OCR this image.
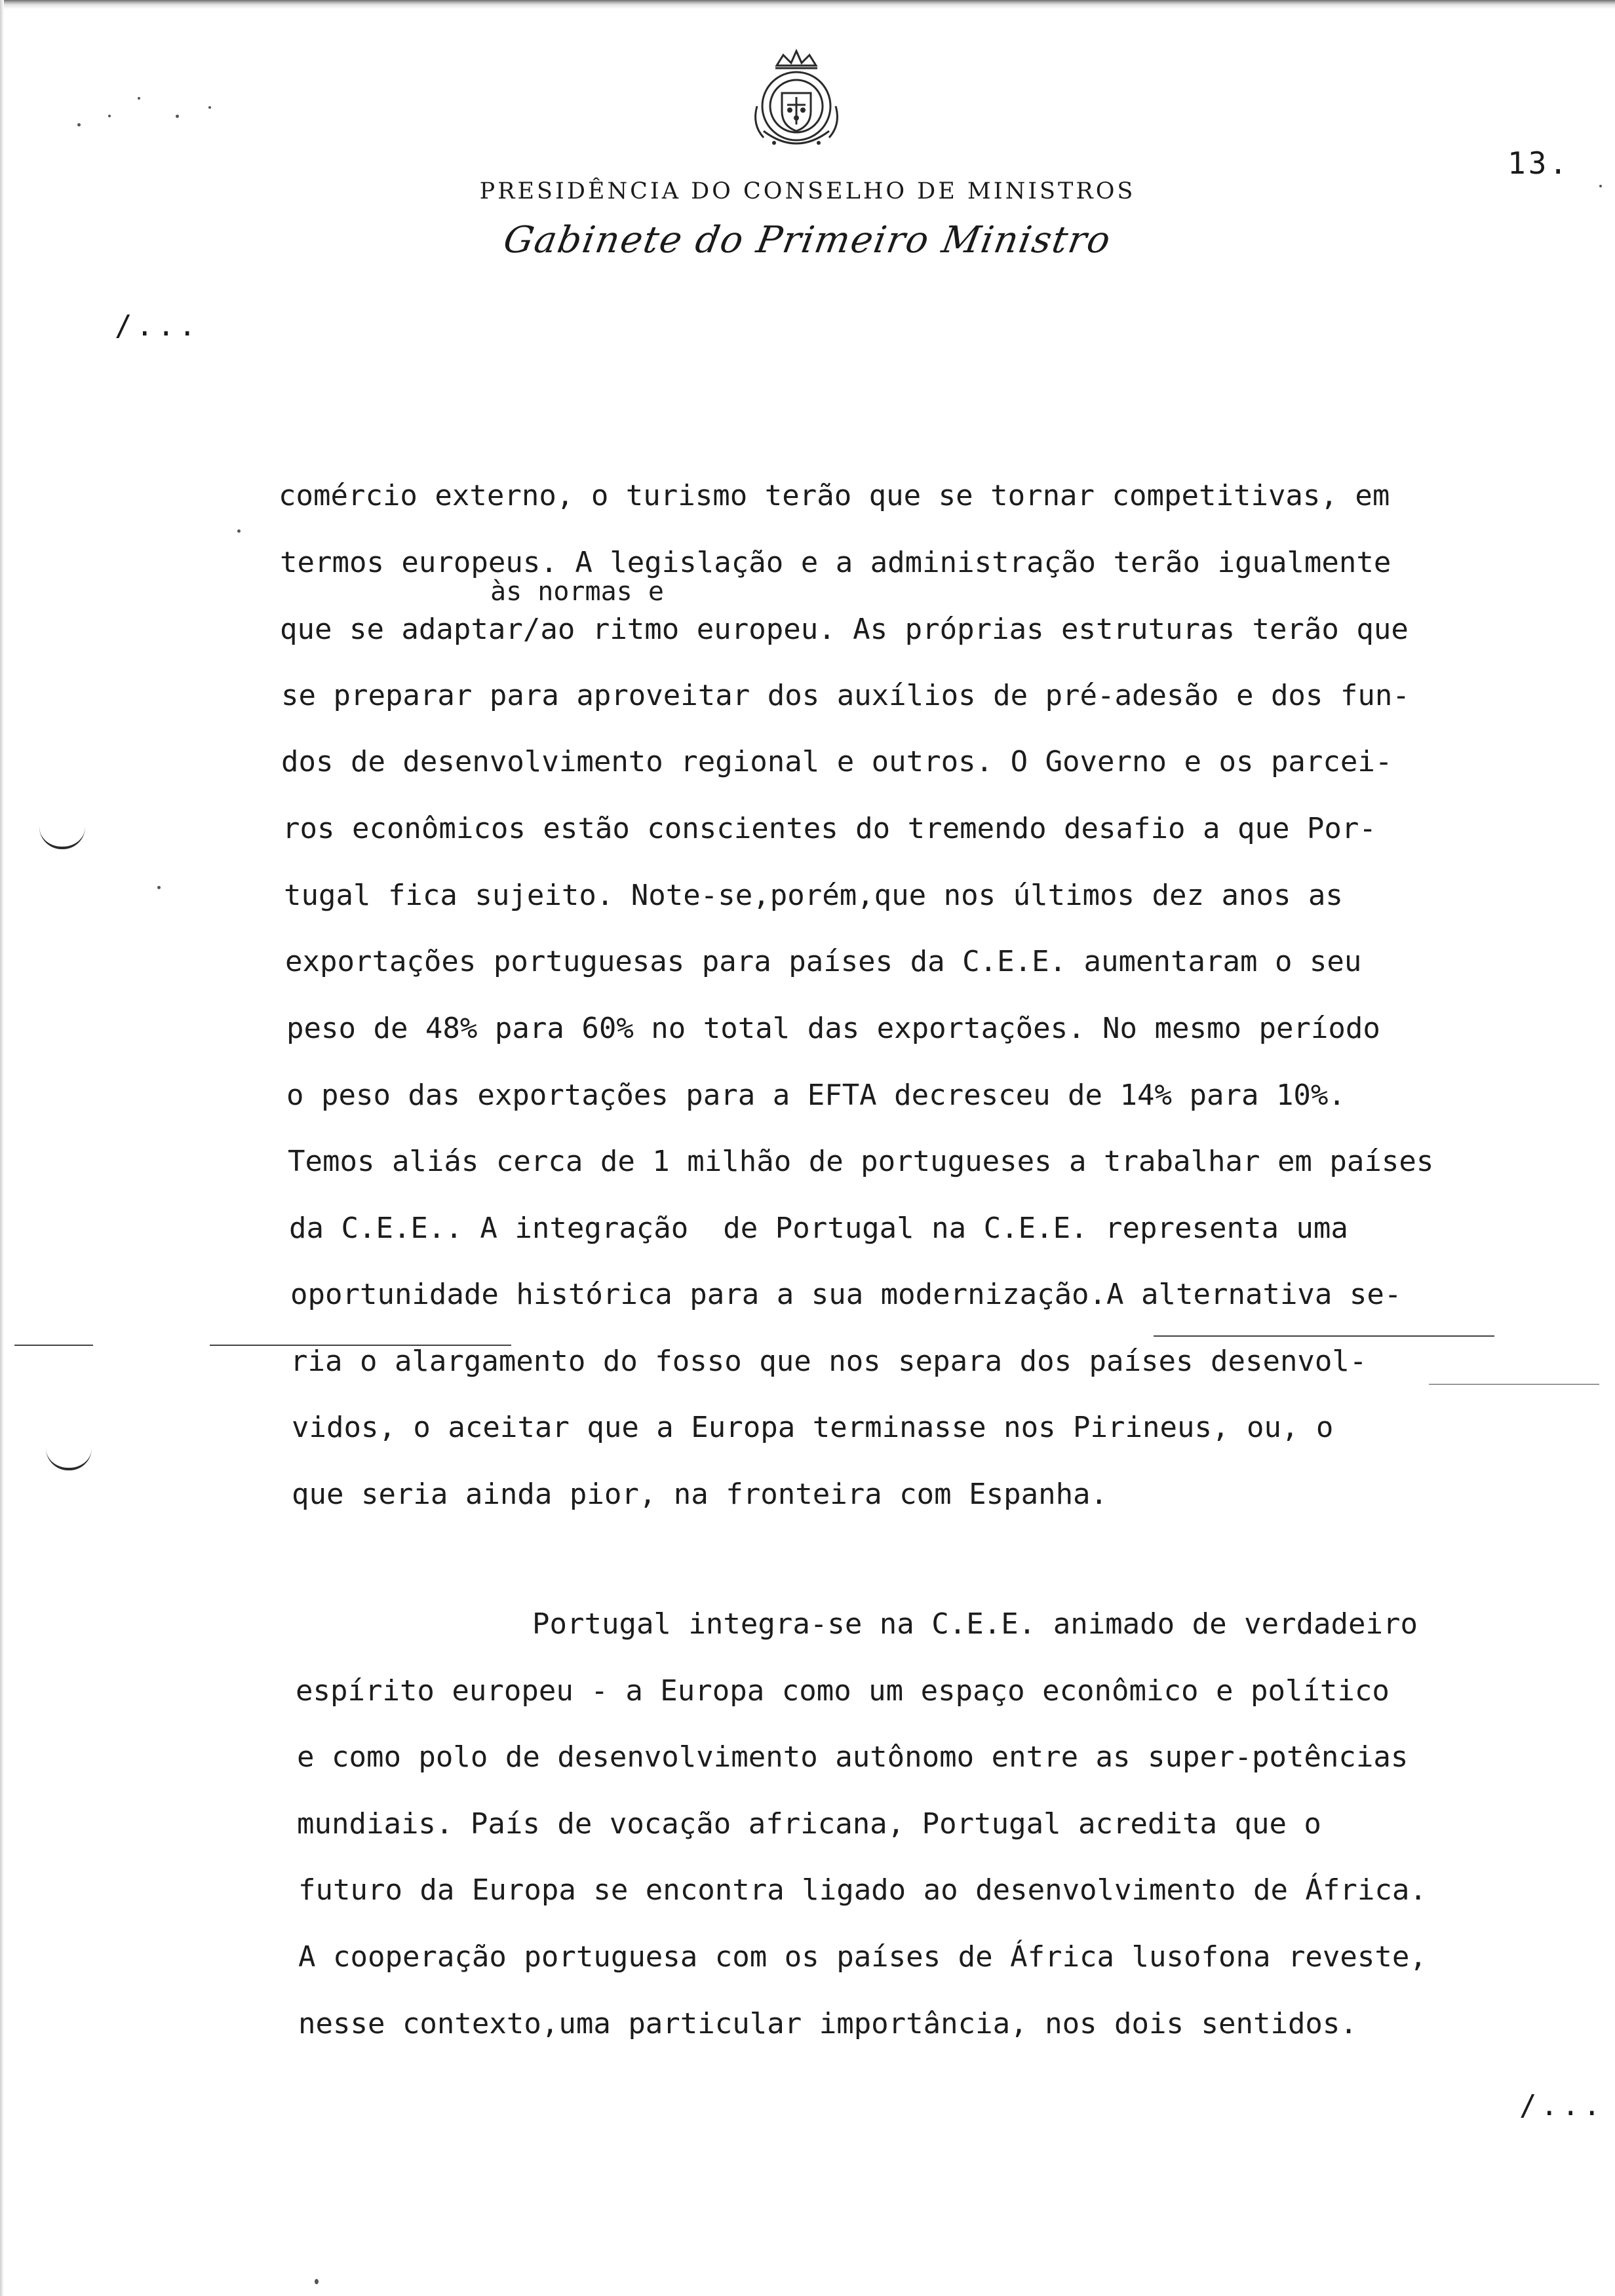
13.
PRESIDÊNCIA DO CONSELHO DE MINISTROS
Gabinete do Primeiro Ministro
/...
comércio externo, o turismo terão que se tornar competitivas, em
termos europeus. A legislação e a administração terão igualmente
às normas e
que se adaptar/ao ritmo europeu. As próprias estruturas terão que
se preparar para aproveitar dos auxílios de pré-adesão e dos fun-
dos de desenvolvimento regional e outros. O Governo e os parcei-
ros econômicos estão conscientes do tremendo desafio a que Por-
tugal fica sujeito. Note-se,porém,que nos últimos dez anos as
exportações portuguesas para países da C.E.E. aumentaram o seu
peso de 48% para 60% no total das exportações. No mesmo período
o peso das exportações para a EFTA decresceu de 14% para 10%.
Temos aliás cerca de 1 milhão de portugueses a trabalhar em países
da C.E.E.. A integração  de Portugal na C.E.E. representa uma
oportunidade histórica para a sua modernização.A alternativa se-
ria o alargamento do fosso que nos separa dos países desenvol-
vidos, o aceitar que a Europa terminasse nos Pirineus, ou, o
que seria ainda pior, na fronteira com Espanha.
Portugal integra-se na C.E.E. animado de verdadeiro
espírito europeu - a Europa como um espaço econômico e político
e como polo de desenvolvimento autônomo entre as super-potências
mundiais. País de vocação africana, Portugal acredita que o
futuro da Europa se encontra ligado ao desenvolvimento de África.
A cooperação portuguesa com os países de África lusofona reveste,
nesse contexto,uma particular importância, nos dois sentidos.
/...
